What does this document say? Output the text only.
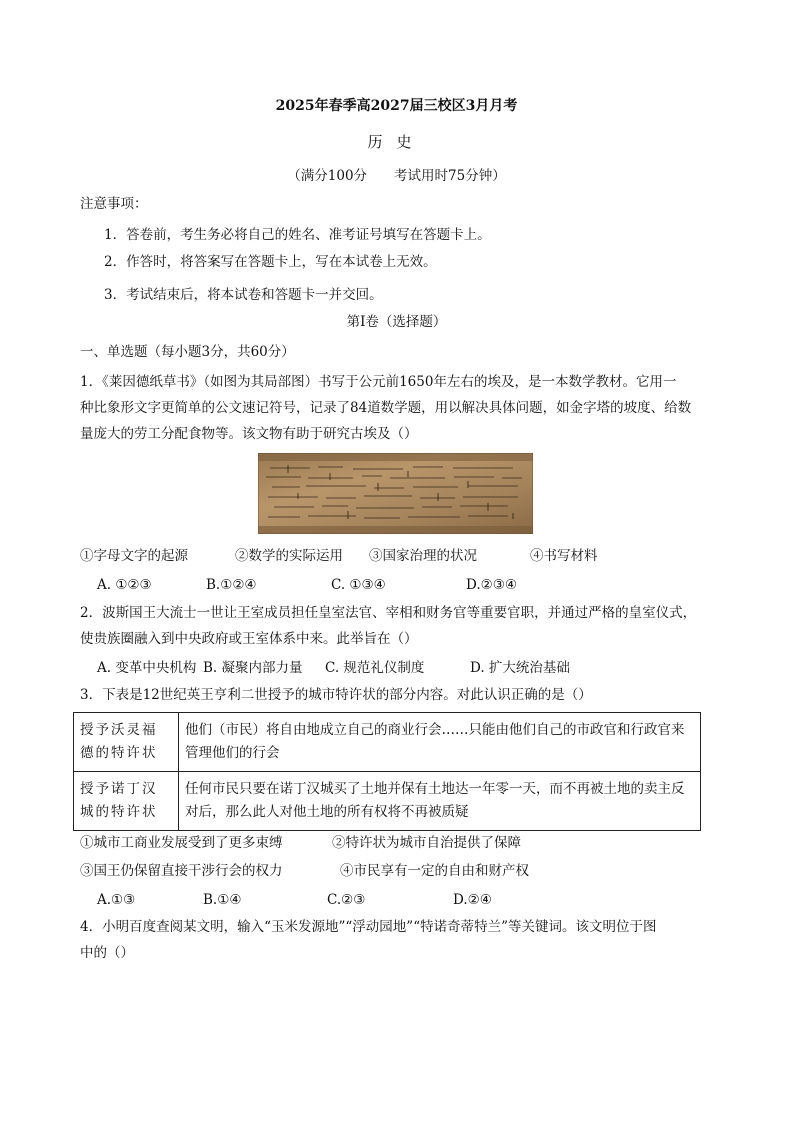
2025年春季高2027届三校区3月月考
历史
（满分100分　　考试用时75分钟）
注意事项：
1．答卷前，考生务必将自己的姓名、准考证号填写在答题卡上。
2．作答时，将答案写在答题卡上，写在本试卷上无效。
3．考试结束后，将本试卷和答题卡一并交回。
第Ⅰ卷（选择题）
一、单选题（每小题3分，共60分）
1．《莱因德纸草书》（如图为其局部图）书写于公元前1650年左右的埃及，是一本数学教材。它用一
种比象形文字更简单的公文速记符号，记录了84道数学题，用以解决具体问题，如金字塔的坡度、给数
量庞大的劳工分配食物等。该文物有助于研究古埃及（）
①字母文字的起源	②数学的实际运用 ③国家治理的状况	④书写材料
A. ①②③	B.①②④	C. ①③④	D.②③④
2．波斯国王大流士一世让王室成员担任皇室法官、宰相和财务官等重要官职，并通过严格的皇室仪式，
使贵族圈融入到中央政府或王室体系中来。此举旨在（）
A. 变革中央机构 B. 凝聚内部力量 C. 规范礼仪制度	D. 扩大统治基础
3．下表是12世纪英王亨利二世授予的城市特许状的部分内容。对此认识正确的是（）
授予沃灵福德的特许状	他们（市民）将自由地成立自己的商业行会……只能由他们自己的市政官和行政官来管理他们的行会
授予诺丁汉城的特许状	任何市民只要在诺丁汉城买了土地并保有土地达一年零一天，而不再被土地的卖主反对后，那么此人对他土地的所有权将不再被质疑
①城市工商业发展受到了更多束缚	②特许状为城市自治提供了保障
③国王仍保留直接干涉行会的权力	④市民享有一定的自由和财产权
A.①③	B.①④	C.②③	D.②④
4．小明百度查阅某文明，输入“玉米发源地”“浮动园地”“特诺奇蒂特兰”等关键词。该文明位于图
中的（）
